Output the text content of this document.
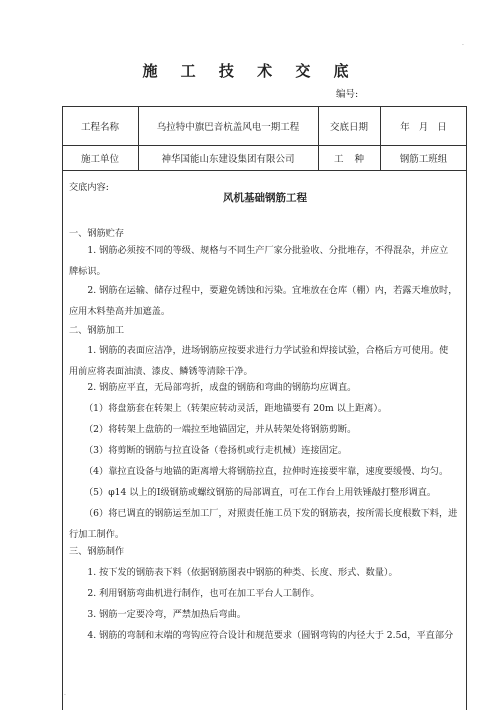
.
施 工 技 术 交 底
编号:
工程名称	乌拉特中旗巴音杭盖风电一期工程	交底日期	年 月 日
施工单位	神华国能山东建设集团有限公司	工 种	钢筋工班组
交底内容:
风机基础钢筋工程
一、钢筋贮存

1. 钢筋必须按不同的等级、规格与不同生产厂家分批验收、分批堆存，不得混杂，并应立

牌标识。

2. 钢筋在运输、储存过程中，要避免锈蚀和污染。宜堆放在仓库（棚）内，若露天堆放时，

应用木料垫高并加遮盖。

二、钢筋加工

1. 钢筋的表面应洁净，进场钢筋应按要求进行力学试验和焊接试验，合格后方可使用。使

用前应将表面油渍、漆皮、鳞锈等清除干净。

2. 钢筋应平直，无局部弯折，成盘的钢筋和弯曲的钢筋均应调直。
（1）将盘筋套在转架上（转架应转动灵活，距地锚要有 20m 以上距离）。
（2）将转架上盘筋的一端拉至地锚固定，并从转架处将钢筋剪断。
（3）将剪断的钢筋与拉直设备（卷扬机或行走机械）连接固定。
（4）靠拉直设备与地锚的距离增大将钢筋拉直，拉伸时连接要牢靠，速度要缓慢、均匀。
（5）φ14 以上的Ⅰ级钢筋或螺纹钢筋的局部调直，可在工作台上用铁锤敲打整形调直。

（6）将已调直的钢筋运至加工厂，对照责任施工员下发的钢筋表，按所需长度根数下料，进

行加工制作。

三、钢筋制作
1. 按下发的钢筋表下料（依据钢筋图表中钢筋的种类、长度、形式、数量）。
2. 利用钢筋弯曲机进行制作，也可在加工平台人工制作。
3. 钢筋一定要冷弯，严禁加热后弯曲。
4. 钢筋的弯制和末端的弯钩应符合设计和规范要求（圆钢弯钩的内径大于 2.5d，平直部分
.
